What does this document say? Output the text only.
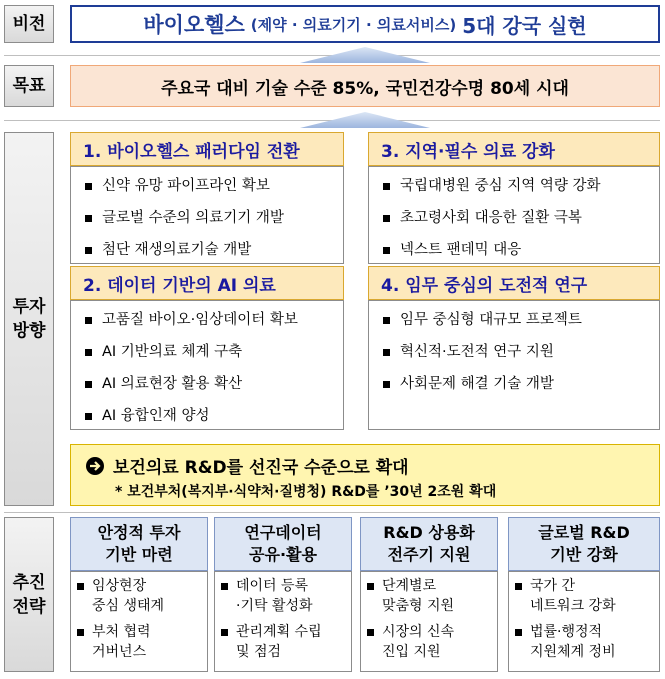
비전
목표
투자
방향
추진
전략
바이오헬스 (제약 · 의료기기 · 의료서비스) 5대 강국 실현
주요국 대비 기술 수준 85%, 국민건강수명 80세 시대
1. 바이오헬스 패러다임 전환
신약 유망 파이프라인 확보
글로벌 수준의 의료기기 개발
첨단 재생의료기술 개발
3. 지역·필수 의료 강화
국립대병원 중심 지역 역량 강화
초고령사회 대응한 질환 극복
넥스트 팬데믹 대응
2. 데이터 기반의 AI 의료
고품질 바이오·임상데이터 확보
AI 기반의료 체계 구축
AI 의료현장 활용 확산
AI 융합인재 양성
4. 임무 중심의 도전적 연구
임무 중심형 대규모 프로젝트
혁신적·도전적 연구 지원
사회문제 해결 기술 개발
보건의료 R&D를 선진국 수준으로 확대
* 보건부처(복지부·식약처·질병청) R&D를 ’30년 2조원 확대
안정적 투자
기반 마련
임상현장
중심 생태계
부처 협력
거버넌스
연구데이터
공유·활용
데이터 등록
·기탁 활성화
관리계획 수립
및 점검
R&D 상용화
전주기 지원
단계별로
맞춤형 지원
시장의 신속
진입 지원
글로벌 R&D
기반 강화
국가 간
네트워크 강화
법률·행정적
지원체계 정비
